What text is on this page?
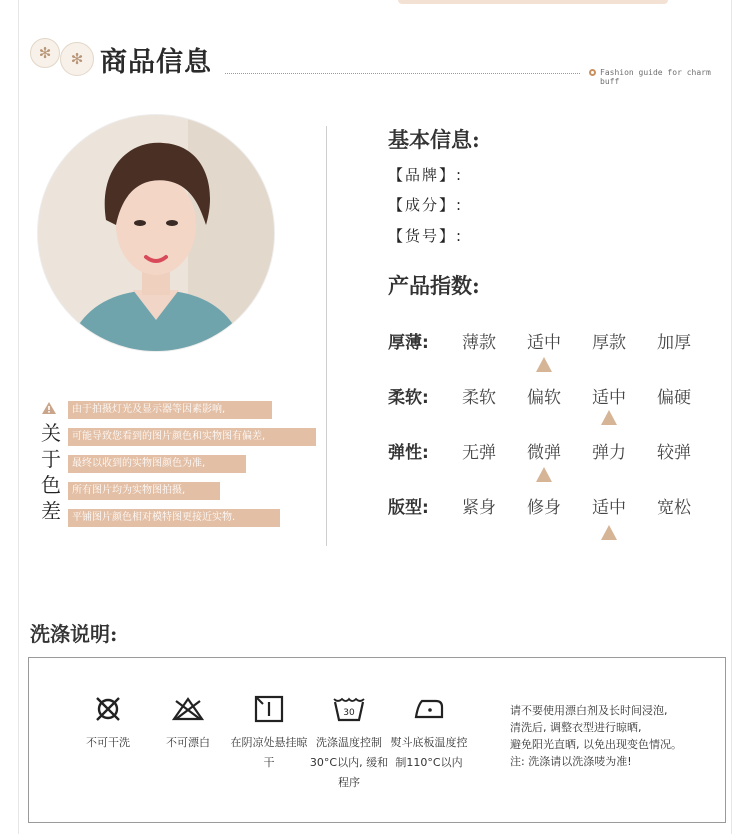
✻
✻
商品信息	Fashion guide for charm buff
关
于
色
差
由于拍摄灯光及显示器等因素影响,
可能导致您看到的图片颜色和实物图有偏差,
最终以收到的实物图颜色为准,
所有图片均为实物图拍摄,
平铺图片颜色相对模特图更接近实物.
基本信息:
【品牌】:
【成分】:
【货号】:
产品指数:
厚薄:	薄款	适中	厚款	加厚
柔软:	柔软	偏软	适中	偏硬
弹性:	无弹	微弹	弹力	较弹
版型:	紧身	修身	适中	宽松
洗涤说明:
30
不可干洗	不可漂白	在阴凉处悬挂晾干
洗涤温度控制30°C以内, 缓和程序
熨斗底板温度控制110°C以内
请不要使用漂白剂及长时间浸泡,
清洗后, 调整衣型进行晾晒,
避免阳光直晒, 以免出现变色情况。
注: 洗涤请以洗涤唛为准!
